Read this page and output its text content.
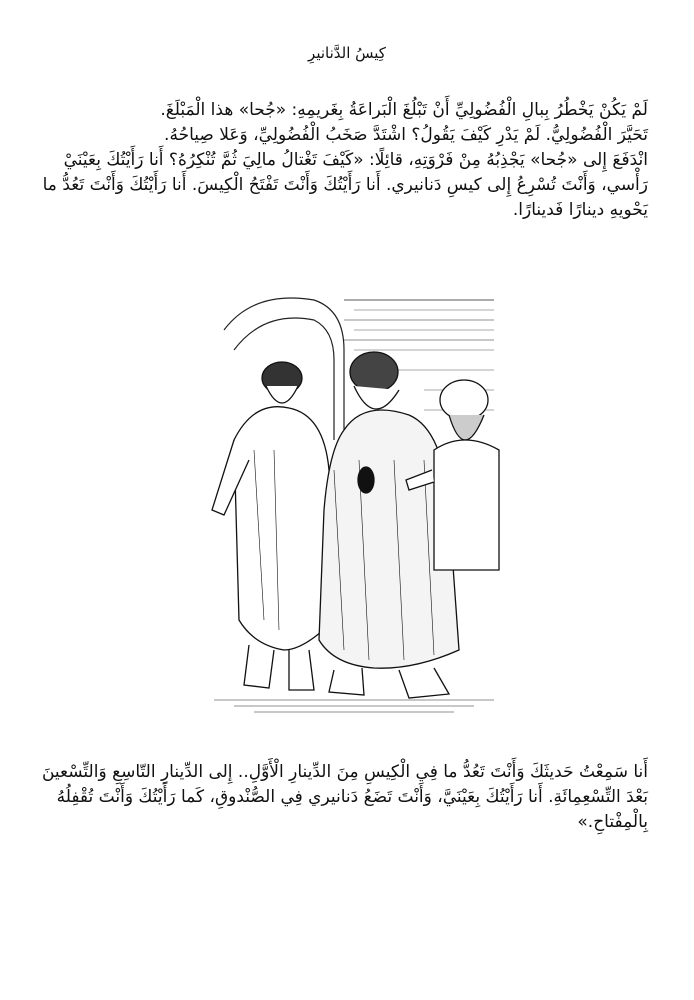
كِيسُ الدَّنانيرِ

لَمْ يَكُنْ يَخْطُرُ بِبالِ الْفُضُولِيِّ أَنْ تَبْلُغَ الْبَراعَةُ بِغَريمِهِ: «جُحا» هذا الْمَبْلَغَ.

تَحَيَّرَ الْفُضُولِيُّ. لَمْ يَدْرِ كَيْفَ يَقُولُ؟ اشْتَدَّ صَخَبُ الْفُضُولِيِّ، وَعَلا صِياحُهُ.

انْدَفَعَ إِلى «جُحا» يَجْذِبُهُ مِنْ فَرْوَتِهِ، قائِلًا: «كَيْفَ تَغْتالُ مالِيَ ثُمَّ تُنْكِرُهُ؟ أَنا رَأَيْتُكَ بِعَيْنَيْ رَأْسي، وَأَنْتَ تُسْرِعُ إِلى كيسِ دَنانيري. أَنا رَأَيْتُكَ وَأَنْتَ تَفْتَحُ الْكِيسَ. أَنا رَأَيْتُكَ وَأَنْتَ تَعُدُّ ما يَحْويهِ دينارًا فَدينارًا.

أَنا سَمِعْتُ حَديثَكَ وَأَنْتَ تَعُدُّ ما فِي الْكِيسِ مِنَ الدِّينارِ الْأَوَّلِ.. إِلى الدِّينارِ التّاسِعِ وَالتِّسْعينَ بَعْدَ التِّسْعِمِائَةِ. أَنا رَأَيْتُكَ بِعَيْنَيَّ، وَأَنْتَ تَضَعُ دَنانيري فِي الصُّنْدوقِ، كَما رَأَيْتُكَ وَأَنْتَ تُقْفِلُهُ بِالْمِفْتاحِ.»
